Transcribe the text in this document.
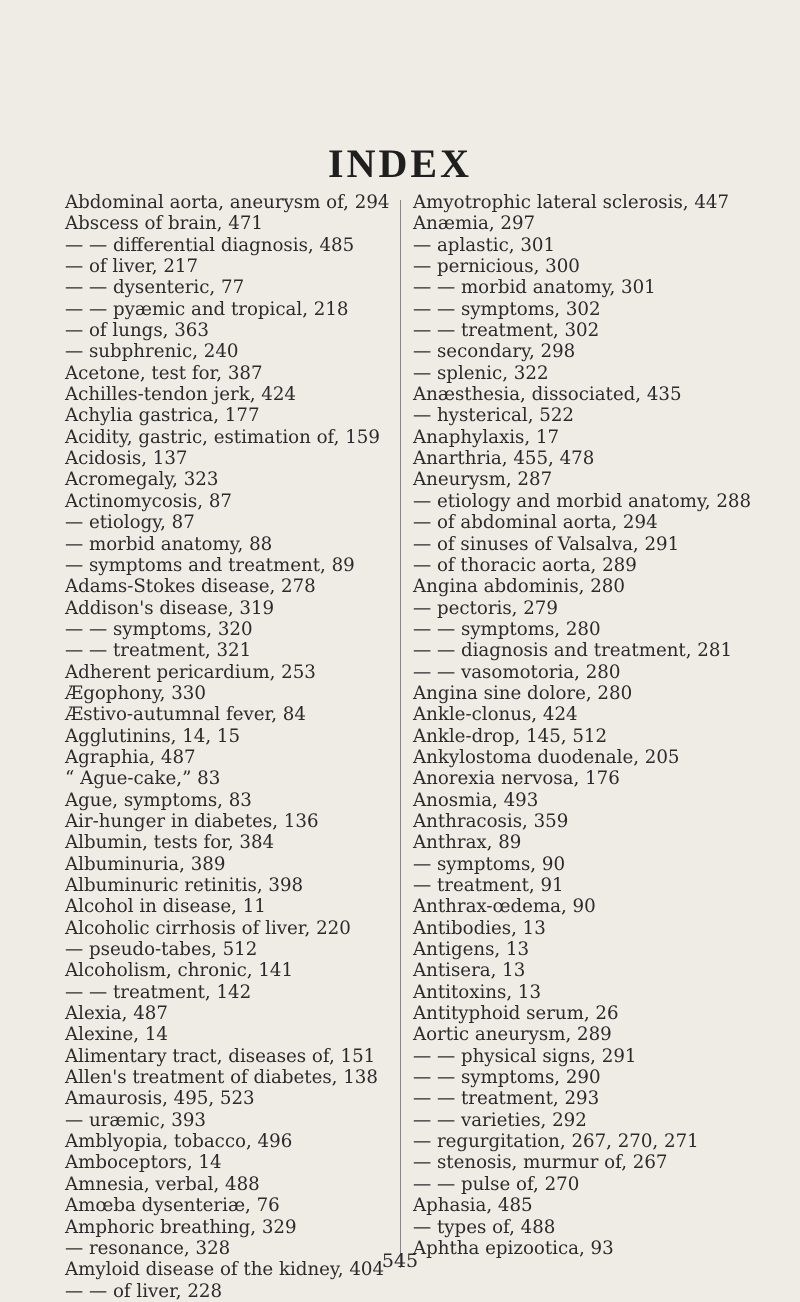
INDEX
Abdominal aorta, aneurysm of, 294
Abscess of brain, 471
— — differential diagnosis, 485
— of liver, 217
— — dysenteric, 77
— — pyæmic and tropical, 218
— of lungs, 363
— subphrenic, 240
Acetone, test for, 387
Achilles-tendon jerk, 424
Achylia gastrica, 177
Acidity, gastric, estimation of, 159
Acidosis, 137
Acromegaly, 323
Actinomycosis, 87
— etiology, 87
— morbid anatomy, 88
— symptoms and treatment, 89
Adams-Stokes disease, 278
Addison's disease, 319
— — symptoms, 320
— — treatment, 321
Adherent pericardium, 253
Ægophony, 330
Æstivo-autumnal fever, 84
Agglutinins, 14, 15
Agraphia, 487
“ Ague-cake,” 83
Ague, symptoms, 83
Air-hunger in diabetes, 136
Albumin, tests for, 384
Albuminuria, 389
Albuminuric retinitis, 398
Alcohol in disease, 11
Alcoholic cirrhosis of liver, 220
— pseudo-tabes, 512
Alcoholism, chronic, 141
— — treatment, 142
Alexia, 487
Alexine, 14
Alimentary tract, diseases of, 151
Allen's treatment of diabetes, 138
Amaurosis, 495, 523
— uræmic, 393
Amblyopia, tobacco, 496
Amboceptors, 14
Amnesia, verbal, 488
Amœba dysenteriæ, 76
Amphoric breathing, 329
— resonance, 328
Amyloid disease of the kidney, 404
— — of liver, 228
Amyotrophic lateral sclerosis, 447
Anæmia, 297
— aplastic, 301
— pernicious, 300
— — morbid anatomy, 301
— — symptoms, 302
— — treatment, 302
— secondary, 298
— splenic, 322
Anæsthesia, dissociated, 435
— hysterical, 522
Anaphylaxis, 17
Anarthria, 455, 478
Aneurysm, 287
— etiology and morbid anatomy, 288
— of abdominal aorta, 294
— of sinuses of Valsalva, 291
— of thoracic aorta, 289
Angina abdominis, 280
— pectoris, 279
— — symptoms, 280
— — diagnosis and treatment, 281
— — vasomotoria, 280
Angina sine dolore, 280
Ankle-clonus, 424
Ankle-drop, 145, 512
Ankylostoma duodenale, 205
Anorexia nervosa, 176
Anosmia, 493
Anthracosis, 359
Anthrax, 89
— symptoms, 90
— treatment, 91
Anthrax-œdema, 90
Antibodies, 13
Antigens, 13
Antisera, 13
Antitoxins, 13
Antityphoid serum, 26
Aortic aneurysm, 289
— — physical signs, 291
— — symptoms, 290
— — treatment, 293
— — varieties, 292
— regurgitation, 267, 270, 271
— stenosis, murmur of, 267
— — pulse of, 270
Aphasia, 485
— types of, 488
Aphtha epizootica, 93
545
